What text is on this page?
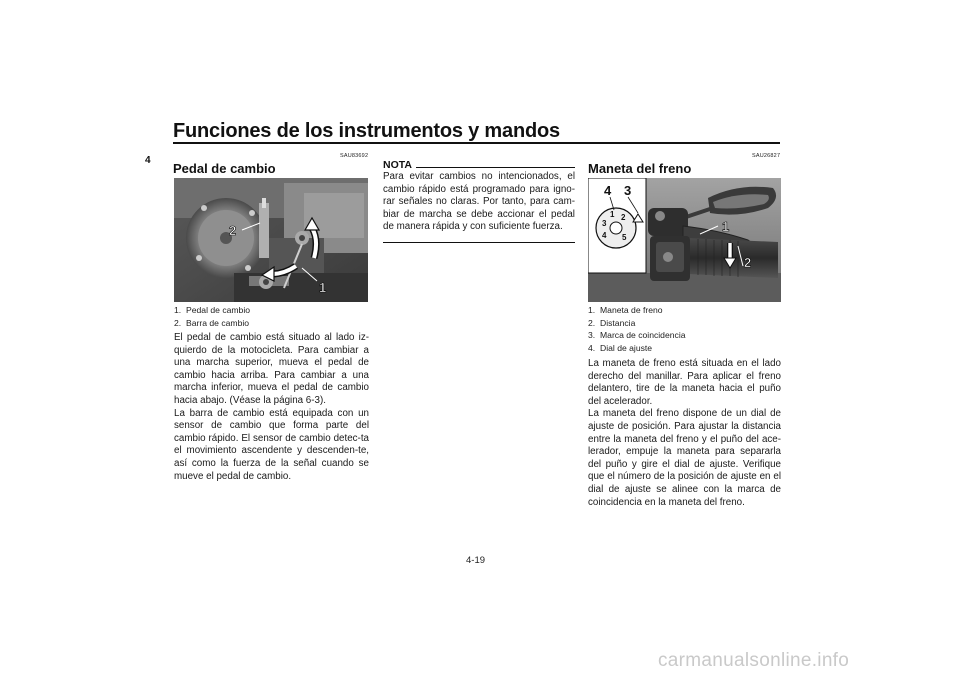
Funciones de los instrumentos y mandos
4	SAU83692
Pedal de cambio
1
2
1. Pedal de cambio
2. Barra de cambio

El pedal de cambio está situado al lado iz-quierdo de la motocicleta. Para cambiar a una marcha superior, mueva el pedal de cambio hacia arriba. Para cambiar a una marcha inferior, mueva el pedal de cambio hacia abajo. (Véase la página 6-3).

La barra de cambio está equipada con un sensor de cambio que forma parte del cambio rápido. El sensor de cambio detec-ta el movimiento ascendente y descenden-te, así como la fuerza de la señal cuando se mueve el pedal de cambio.

NOTA

Para evitar cambios no intencionados, el cambio rápido está programado para igno-rar señales no claras. Por tanto, para cam-biar de marcha se debe accionar el pedal de manera rápida y con suficiente fuerza.

SAU26827
Maneta del freno
1 2
3
4 5
4 3
1
2
1. Maneta de freno
2. Distancia
3. Marca de coincidencia
4. Dial de ajuste

La maneta de freno está situada en el lado derecho del manillar. Para aplicar el freno delantero, tire de la maneta hacia el puño del acelerador.

La maneta del freno dispone de un dial de ajuste de posición. Para ajustar la distancia entre la maneta del freno y el puño del ace-lerador, empuje la maneta para separarla del puño y gire el dial de ajuste. Verifique que el número de la posición de ajuste en el dial de ajuste se alinee con la marca de coincidencia en la maneta del freno.

4-19
carmanualsonline.info
